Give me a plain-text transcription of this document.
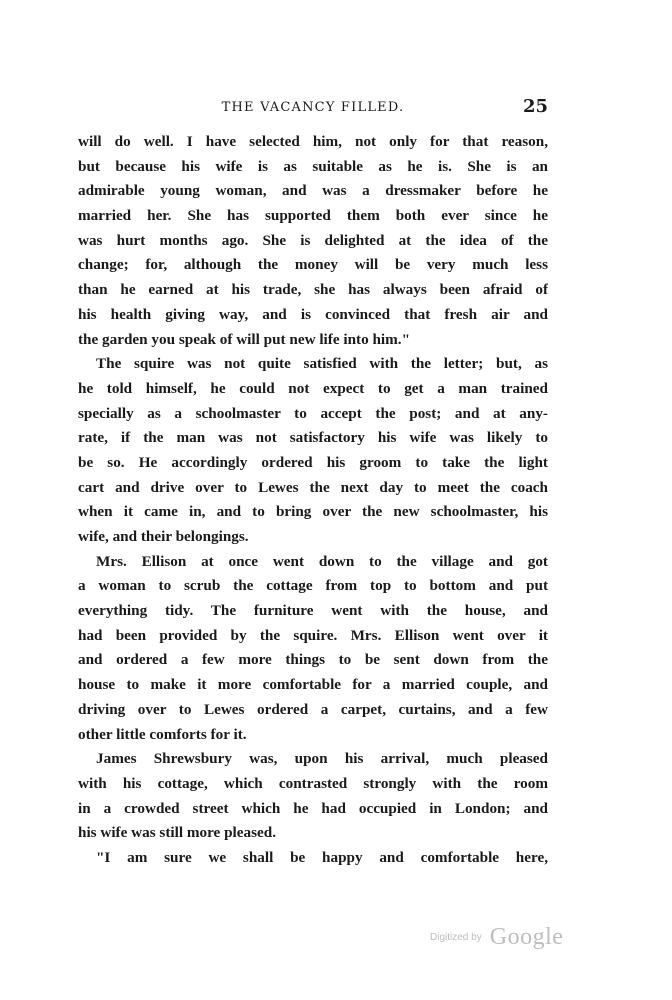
THE VACANCY FILLED.	25
will do well. I have selected him, not only for that reason,
but because his wife is as suitable as he is. She is an
admirable young woman, and was a dressmaker before he
married her. She has supported them both ever since he
was hurt months ago. She is delighted at the idea of the
change; for, although the money will be very much less
than he earned at his trade, she has always been afraid of
his health giving way, and is convinced that fresh air and
the garden you speak of will put new life into him."
The squire was not quite satisfied with the letter; but, as
he told himself, he could not expect to get a man trained
specially as a schoolmaster to accept the post; and at any-
rate, if the man was not satisfactory his wife was likely to
be so. He accordingly ordered his groom to take the light
cart and drive over to Lewes the next day to meet the coach
when it came in, and to bring over the new schoolmaster, his
wife, and their belongings.
Mrs. Ellison at once went down to the village and got
a woman to scrub the cottage from top to bottom and put
everything tidy. The furniture went with the house, and
had been provided by the squire. Mrs. Ellison went over it
and ordered a few more things to be sent down from the
house to make it more comfortable for a married couple, and
driving over to Lewes ordered a carpet, curtains, and a few
other little comforts for it.
James Shrewsbury was, upon his arrival, much pleased
with his cottage, which contrasted strongly with the room
in a crowded street which he had occupied in London; and
his wife was still more pleased.
"I am sure we shall be happy and comfortable here,
Digitized by Google
